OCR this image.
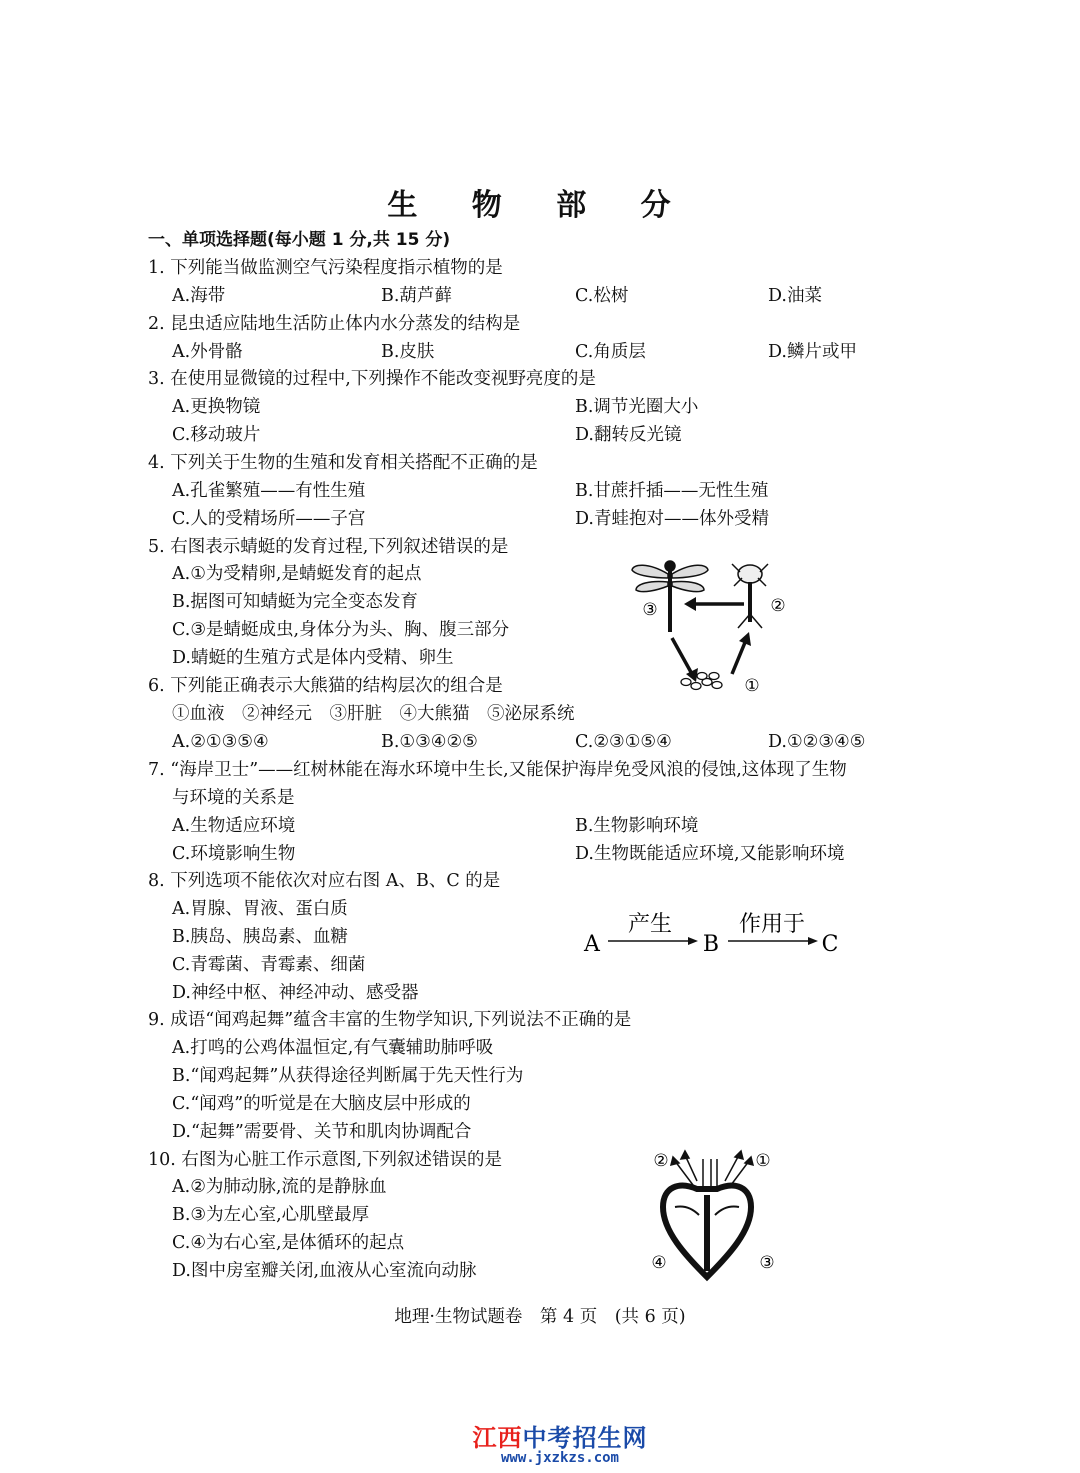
生 物 部 分
一、单项选择题(每小题 1 分,共 15 分)
1. 下列能当做监测空气污染程度指示植物的是
A.海带	B.葫芦藓	C.松树	D.油菜
2. 昆虫适应陆地生活防止体内水分蒸发的结构是
A.外骨骼	B.皮肤	C.角质层	D.鳞片或甲
3. 在使用显微镜的过程中,下列操作不能改变视野亮度的是
A.更换物镜	B.调节光圈大小
C.移动玻片	D.翻转反光镜
4. 下列关于生物的生殖和发育相关搭配不正确的是
A.孔雀繁殖——有性生殖	B.甘蔗扦插——无性生殖
C.人的受精场所——子宫	D.青蛙抱对——体外受精
5. 右图表示蜻蜓的发育过程,下列叙述错误的是
A.①为受精卵,是蜻蜓发育的起点
B.据图可知蜻蜓为完全变态发育
C.③是蜻蜓成虫,身体分为头、胸、腹三部分
D.蜻蜓的生殖方式是体内受精、卵生
③	②
①
6. 下列能正确表示大熊猫的结构层次的组合是
①血液　②神经元　③肝脏　④大熊猫　⑤泌尿系统
A.②①③⑤④	B.①③④②⑤	C.②③①⑤④	D.①②③④⑤
7. “海岸卫士”——红树林能在海水环境中生长,又能保护海岸免受风浪的侵蚀,这体现了生物
与环境的关系是
A.生物适应环境	B.生物影响环境
C.环境影响生物	D.生物既能适应环境,又能影响环境
8. 下列选项不能依次对应右图 A、B、C 的是
A.胃腺、胃液、蛋白质
B.胰岛、胰岛素、血糖
C.青霉菌、青霉素、细菌
D.神经中枢、神经冲动、感受器
A
产生
B
作用于
C
9. 成语“闻鸡起舞”蕴含丰富的生物学知识,下列说法不正确的是
A.打鸣的公鸡体温恒定,有气囊辅助肺呼吸
B.“闻鸡起舞”从获得途径判断属于先天性行为
C.“闻鸡”的听觉是在大脑皮层中形成的
D.“起舞”需要骨、关节和肌肉协调配合
10. 右图为心脏工作示意图,下列叙述错误的是
A.②为肺动脉,流的是静脉血
B.③为左心室,心肌壁最厚
C.④为右心室,是体循环的起点
D.图中房室瓣关闭,血液从心室流向动脉
②	①
④	③
地理·生物试题卷　第 4 页　(共 6 页)
江西中考招生网
www.jxzkzs.com
